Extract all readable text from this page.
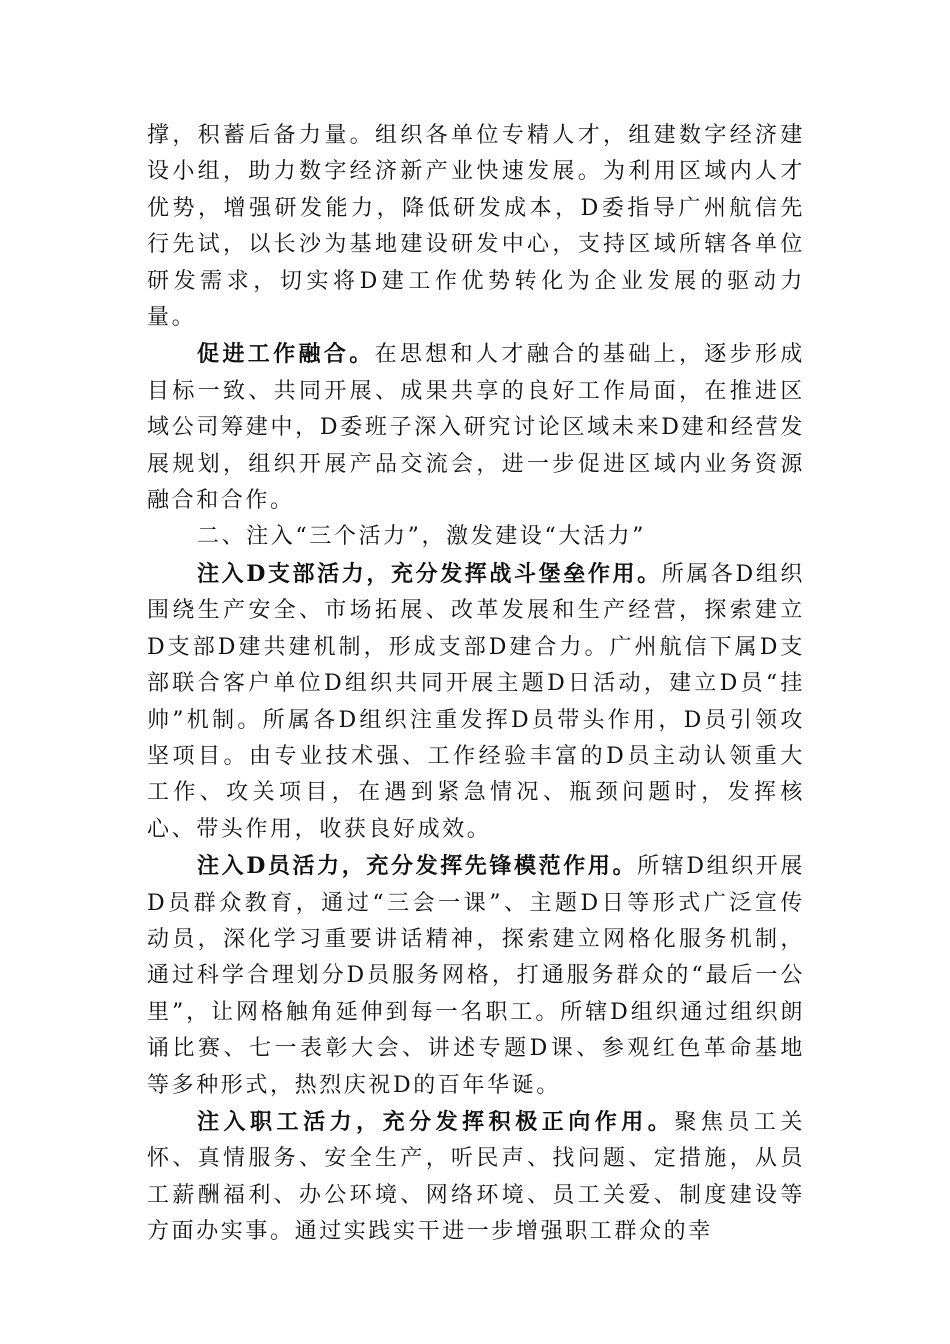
撑，积蓄后备力量。组织各单位专精人才，组建数字经济建设小组，助力数字经济新产业快速发展。为利用区域内人才优势，增强研发能力，降低研发成本，D委指导广州航信先行先试，以长沙为基地建设研发中心，支持区域所辖各单位研发需求，切实将D建工作优势转化为企业发展的驱动力量。

促进工作融合。在思想和人才融合的基础上，逐步形成目标一致、共同开展、成果共享的良好工作局面，在推进区域公司筹建中，D委班子深入研究讨论区域未来D建和经营发展规划，组织开展产品交流会，进一步促进区域内业务资源融合和合作。

二、注入“三个活力”，激发建设“大活力”

注入D支部活力，充分发挥战斗堡垒作用。所属各D组织围绕生产安全、市场拓展、改革发展和生产经营，探索建立D支部D建共建机制，形成支部D建合力。广州航信下属D支部联合客户单位D组织共同开展主题D日活动，建立D员“挂帅”机制。所属各D组织注重发挥D员带头作用，D员引领攻坚项目。由专业技术强、工作经验丰富的D员主动认领重大工作、攻关项目，在遇到紧急情况、瓶颈问题时，发挥核心、带头作用，收获良好成效。

注入D员活力，充分发挥先锋模范作用。所辖D组织开展D员群众教育，通过“三会一课”、主题D日等形式广泛宣传动员，深化学习重要讲话精神，探索建立网格化服务机制，通过科学合理划分D员服务网格，打通服务群众的“最后一公里”，让网格触角延伸到每一名职工。所辖D组织通过组织朗诵比赛、七一表彰大会、讲述专题D课、参观红色革命基地等多种形式，热烈庆祝D的百年华诞。

注入职工活力，充分发挥积极正向作用。聚焦员工关怀、真情服务、安全生产，听民声、找问题、定措施，从员工薪酬福利、办公环境、网络环境、员工关爱、制度建设等方面办实事。通过实践实干进一步增强职工群众的幸
